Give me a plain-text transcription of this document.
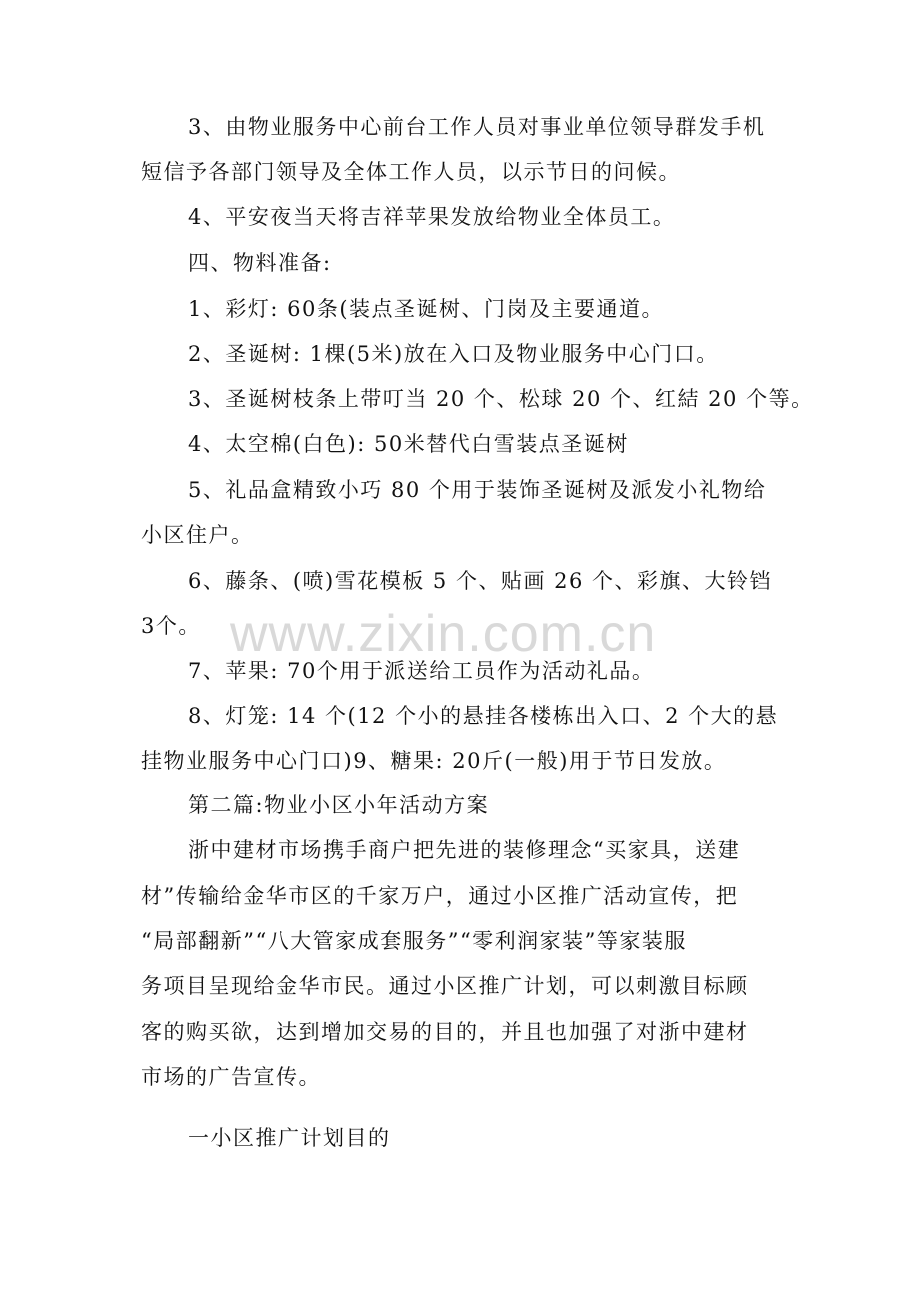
3、由物业服务中心前台工作人员对事业单位领导群发手机
短信予各部门领导及全体工作人员，以示节日的问候。
4、平安夜当天将吉祥苹果发放给物业全体员工。
四、物料准备:
1、彩灯: 60条(装点圣诞树、门岗及主要通道。
2、圣诞树: 1棵(5米)放在入口及物业服务中心门口。
3、圣诞树枝条上带叮当 20 个、松球 20 个、红結 20 个等。
4、太空棉(白色): 50米替代白雪装点圣诞树
5、礼品盒精致小巧 80 个用于装饰圣诞树及派发小礼物给
小区住户。
6、藤条、(喷)雪花模板 5 个、贴画 26 个、彩旗、大铃铛
3个。
7、苹果: 70个用于派送给工员作为活动礼品。
8、灯笼: 14 个(12 个小的悬挂各楼栋出入口、2 个大的悬
挂物业服务中心门口)9、糖果: 20斤(一般)用于节日发放。
第二篇:物业小区小年活动方案
浙中建材市场携手商户把先进的装修理念“买家具，送建
材”传输给金华市区的千家万户，通过小区推广活动宣传，把
“局部翻新”“八大管家成套服务”“零利润家装”等家装服
务项目呈现给金华市民。通过小区推广计划，可以刺激目标顾
客的购买欲，达到增加交易的目的，并且也加强了对浙中建材
市场的广告宣传。
一小区推广计划目的
www.zixin.com.cn
